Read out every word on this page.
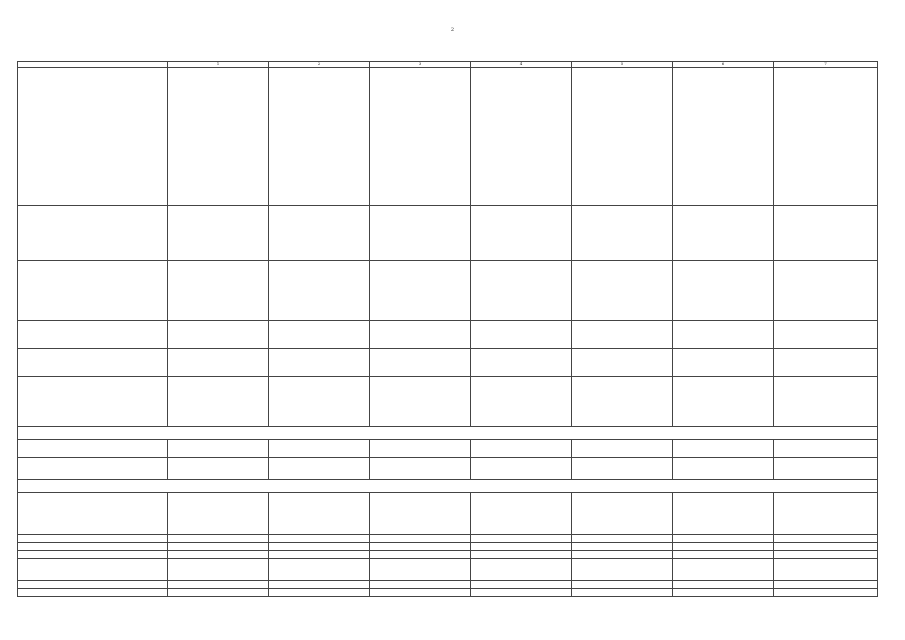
2
	1	2	3	4	5	6	7
